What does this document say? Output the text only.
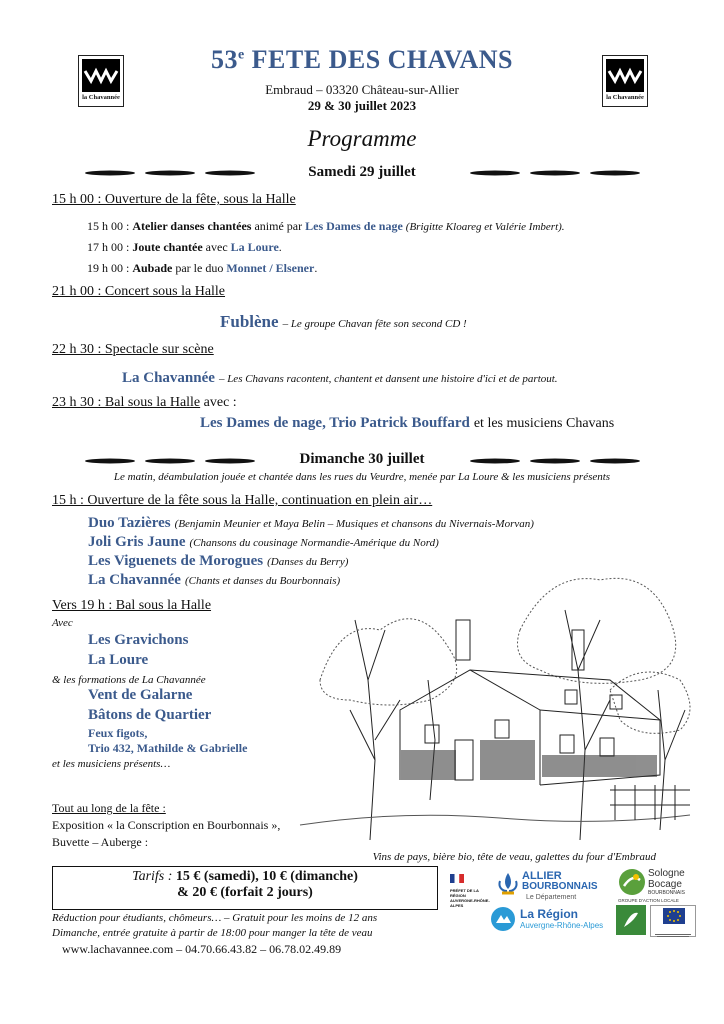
la Chavannée	la Chavannée
53e FETE DES CHAVANS
Embraud – 03320 Château-sur-Allier
29 & 30 juillet 2023
Programme
Samedi 29 juillet
15 h 00 : Ouverture de la fête, sous la Halle
15 h 00 : Atelier danses chantées animé par Les Dames de nage (Brigitte Kloareg et Valérie Imbert).
17 h 00 : Joute chantée avec La Loure.
19 h 00 : Aubade par le duo Monnet / Elsener.
21 h 00 : Concert sous la Halle
Fublène – Le groupe Chavan fête son second CD !
22 h 30 : Spectacle sur scène
La Chavannée – Les Chavans racontent, chantent et dansent une histoire d'ici et de partout.
23 h 30 : Bal sous la Halle avec :
Les Dames de nage, Trio Patrick Bouffard et les musiciens Chavans
Dimanche 30 juillet
Le matin, déambulation jouée et chantée dans les rues du Veurdre, menée par La Loure & les musiciens présents
15 h : Ouverture de la fête sous la Halle, continuation en plein air…
Duo Tazières (Benjamin Meunier et Maya Belin – Musiques et chansons du Nivernais-Morvan)
Joli Gris Jaune (Chansons du cousinage Normandie-Amérique du Nord)
Les Viguenets de Morogues (Danses du Berry)
La Chavannée (Chants et danses du Bourbonnais)
Vers 19 h : Bal sous la Halle
Avec
Les Gravichons
La Loure
& les formations de La Chavannée
Vent de Galarne
Bâtons de Quartier
Feux figots,
Trio 432, Mathilde & Gabrielle
et les musiciens présents…
Tout au long de la fête :
Exposition « la Conscription en Bourbonnais »,
Buvette – Auberge :
Vins de pays, bière bio, tête de veau, galettes du four d'Embraud
Tarifs : 15 € (samedi), 10 € (dimanche)
& 20 € (forfait 2 jours)
Réduction pour étudiants, chômeurs… – Gratuit pour les moins de 12 ans
Dimanche, entrée gratuite à partir de 18:00 pour manger la tête de veau
www.lachavannee.com – 04.70.66.43.82 – 06.78.02.49.89
PRÉFET DE LA RÉGION AUVERGNE-RHÔNE-ALPES
ALLIER
BOURBONNAIS
Le Département
Sologne
Bocage
BOURBONNAIS
GROUPE D'ACTION LOCALE
La Région
Auvergne-Rhône-Alpes
